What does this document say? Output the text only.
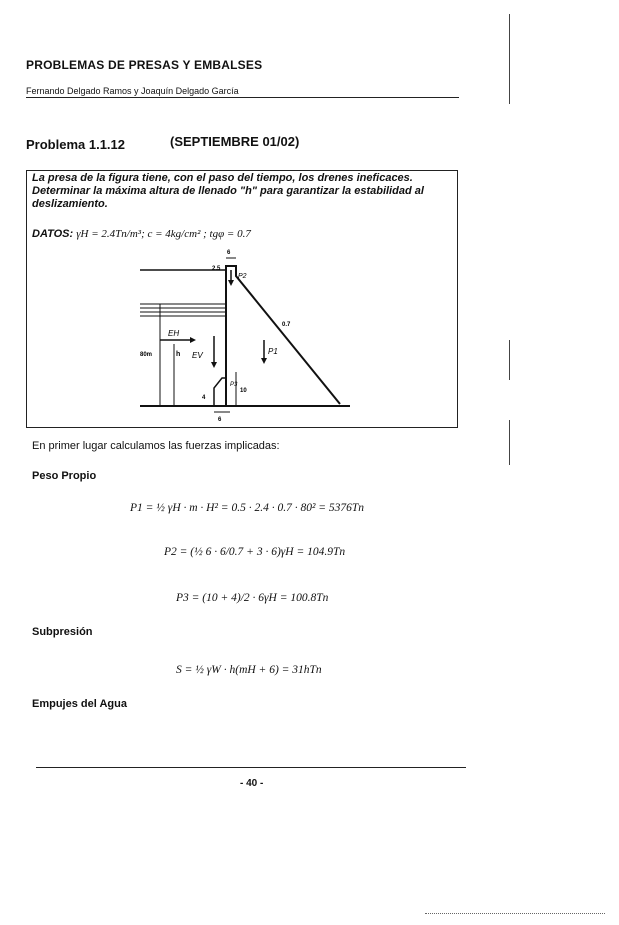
PROBLEMAS DE PRESAS Y EMBALSES
Fernando Delgado Ramos y Joaquín Delgado García
Problema 1.1.12	(SEPTIEMBRE 01/02)
La presa de la figura tiene, con el paso del tiempo, los drenes ineficaces. Determinar la máxima altura de llenado "h" para garantizar la estabilidad al deslizamiento.
DATOS: γH = 2.4Tn/m³; c = 4kg/cm² ; tgφ = 0.7
80m	h
EH
EV	P1
P2
P3
4
10
6
6
2.5
0.7
En primer lugar calculamos las fuerzas implicadas:
Peso Propio
P1 = ½ γH · m · H² = 0.5 · 2.4 · 0.7 · 80² = 5376Tn
P2 = (½ 6 · 6/0.7 + 3 · 6)γH = 104.9Tn
P3 = (10 + 4)/2 · 6γH = 100.8Tn
Subpresión
S = ½ γW · h(mH + 6) = 31hTn
Empujes del Agua
- 40 -
